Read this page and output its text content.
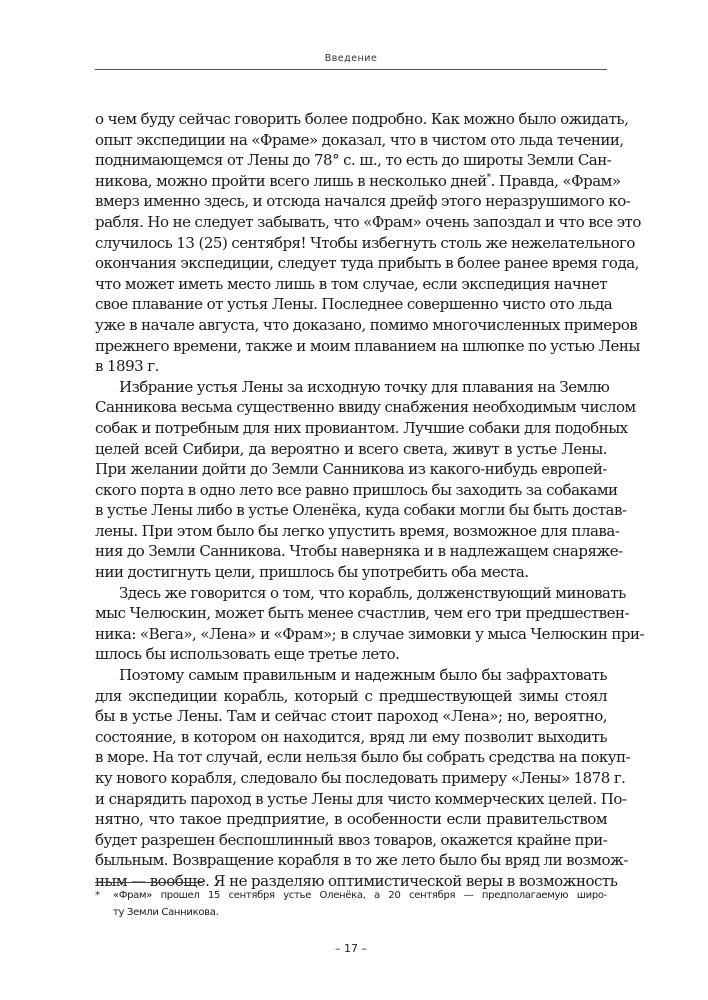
Введение
о чем буду сейчас говорить более подробно. Как можно было ожидать,
опыт экспедиции на «Фраме» доказал, что в чистом ото льда течении,
поднимающемся от Лены до 78° с. ш., то есть до широты Земли Сан-
никова, можно пройти всего лишь в несколько дней*. Правда, «Фрам»
вмерз именно здесь, и отсюда начался дрейф этого неразрушимого ко-
рабля. Но не следует забывать, что «Фрам» очень запоздал и что все это
случилось 13 (25) сентября! Чтобы избегнуть столь же нежелательного
окончания экспедиции, следует туда прибыть в более ранее время года,
что может иметь место лишь в том случае, если экспедиция начнет
свое плавание от устья Лены. Последнее совершенно чисто ото льда
уже в начале августа, что доказано, помимо многочисленных примеров
прежнего времени, также и моим плаванием на шлюпке по устью Лены
в 1893 г.
Избрание устья Лены за исходную точку для плавания на Землю
Санникова весьма существенно ввиду снабжения необходимым числом
собак и потребным для них провиантом. Лучшие собаки для подобных
целей всей Сибири, да вероятно и всего света, живут в устье Лены.
При желании дойти до Земли Санникова из какого-нибудь европей-
ского порта в одно лето все равно пришлось бы заходить за собаками
в устье Лены либо в устье Оленёка, куда собаки могли бы быть достав-
лены. При этом было бы легко упустить время, возможное для плава-
ния до Земли Санникова. Чтобы наверняка и в надлежащем снаряже-
нии достигнуть цели, пришлось бы употребить оба места.
Здесь же говорится о том, что корабль, долженствующий миновать
мыс Челюскин, может быть менее счастлив, чем его три предшествен-
ника: «Вега», «Лена» и «Фрам»; в случае зимовки у мыса Челюскин при-
шлось бы использовать еще третье лето.
Поэтому самым правильным и надежным было бы зафрахтовать
для экспедиции корабль, который с предшествующей зимы стоял
бы в устье Лены. Там и сейчас стоит пароход «Лена»; но, вероятно,
состояние, в котором он находится, вряд ли ему позволит выходить
в море. На тот случай, если нельзя было бы собрать средства на покуп-
ку нового корабля, следовало бы последовать примеру «Лены» 1878 г.
и снарядить пароход в устье Лены для чисто коммерческих целей. По-
нятно, что такое предприятие, в особенности если правительством
будет разрешен беспошлинный ввоз товаров, окажется крайне при-
быльным. Возвращение корабля в то же лето было бы вряд ли возмож-
ным — вообще. Я не разделяю оптимистической веры в возможность
*	«Фрам» прошел 15 сентября устье Оленёка, а 20 сентября — предполагаемую широ-
ту Земли Санникова.
– 17 –
